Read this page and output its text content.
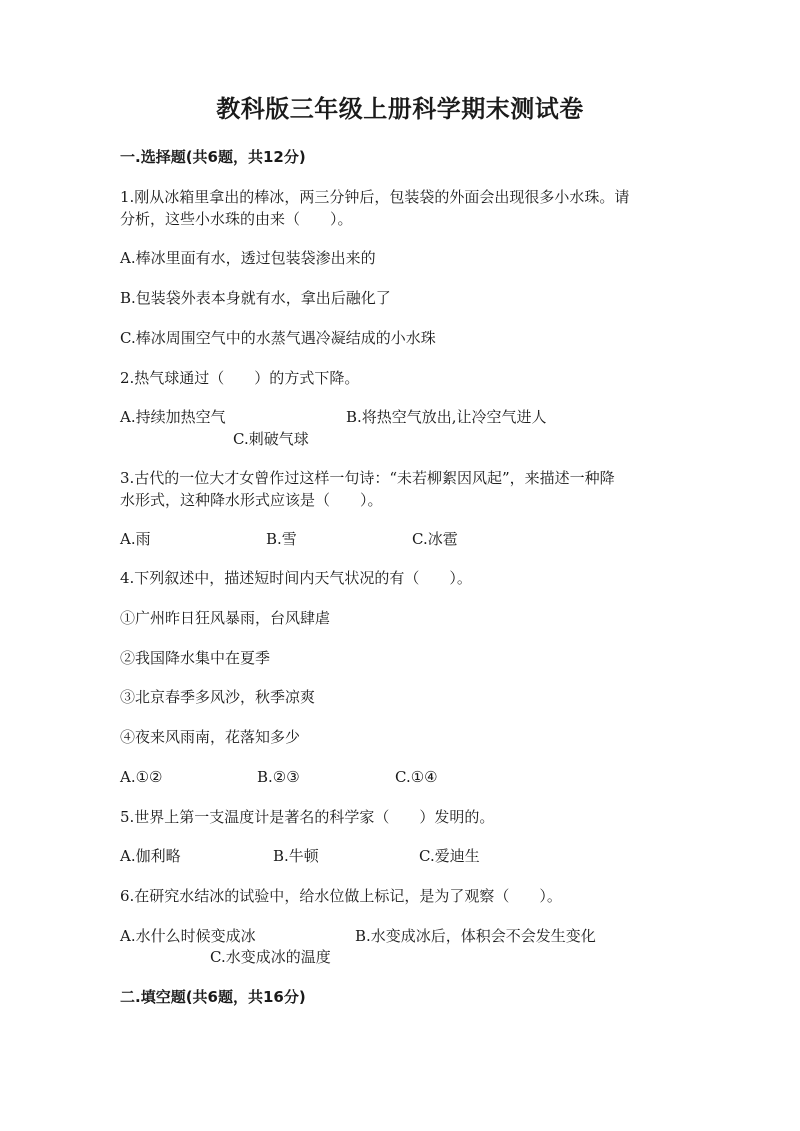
教科版三年级上册科学期末测试卷
一.选择题(共6题，共12分)
1.刚从冰箱里拿出的棒冰，两三分钟后，包装袋的外面会出现很多小水珠。请
分析，这些小水珠的由来（　　）。
A.棒冰里面有水，透过包装袋渗出来的
B.包装袋外表本身就有水，拿出后融化了
C.棒冰周围空气中的水蒸气遇冷凝结成的小水珠
2.热气球通过（　　）的方式下降。
A.持续加热空气	B.将热空气放出,让冷空气进人
C.刺破气球
3.古代的一位大才女曾作过这样一句诗：“未若柳絮因风起”，来描述一种降
水形式，这种降水形式应该是（　　）。
A.雨	B.雪	C.冰雹
4.下列叙述中，描述短时间内天气状况的有（　　）。
①广州昨日狂风暴雨，台风肆虐
②我国降水集中在夏季
③北京春季多风沙，秋季凉爽
④夜来风雨南，花落知多少
A.①②	B.②③	C.①④
5.世界上第一支温度计是著名的科学家（　　）发明的。
A.伽利略	B.牛顿	C.爱迪生
6.在研究水结冰的试验中，给水位做上标记，是为了观察（　　）。
A.水什么时候变成冰	B.水变成冰后，体积会不会发生变化
C.水变成冰的温度
二.填空题(共6题，共16分)
